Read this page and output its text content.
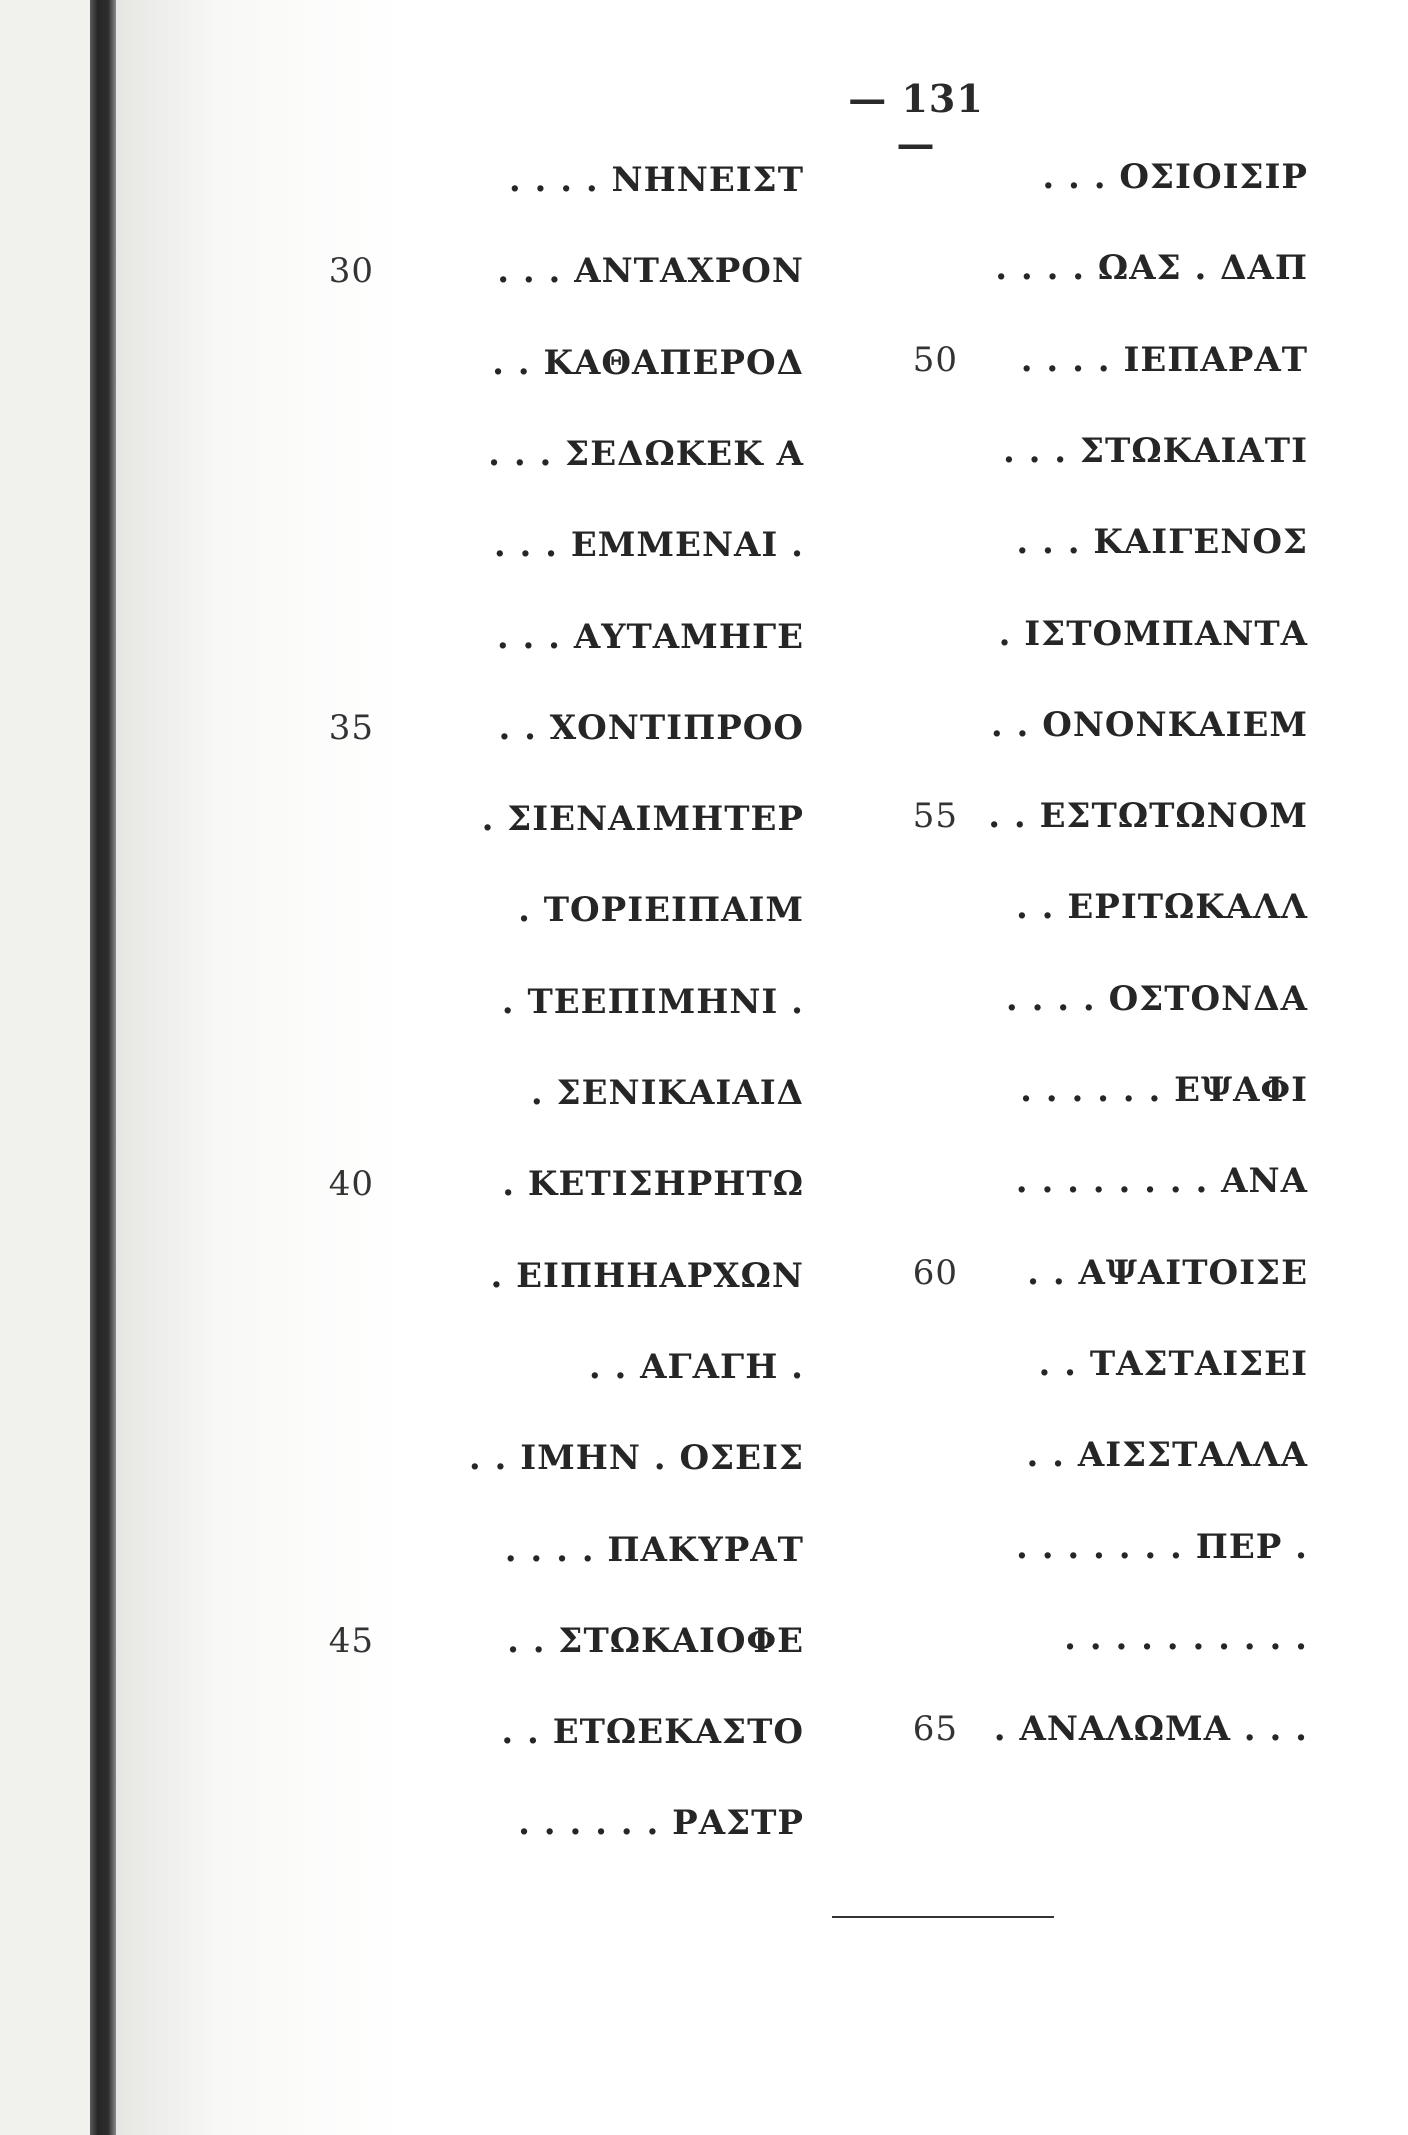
— 131 —
. . . . ΝΗΝΕΙΣΤ
30	. . . ΑΝΤΑΧΡΟΝ
. . ΚΑΘΑΠΕΡΟΔ
. . . ΣΕΔΩΚΕΚ Α
. . . ΕΜΜΕΝΑΙ .
. . . ΑΥΤΑΜΗΓΕ
35	. . ΧΟΝΤΙΠΡΟΟ
. ΣΙΕΝΑΙΜΗΤΕΡ
. ΤΟΡΙΕΙΠΑΙΜ
. ΤΕΕΠΙΜΗΝΙ .
. ΣΕΝΙΚΑΙΑΙΔ
40	. ΚΕΤΙΣΗΡΗΤΩ
. ΕΙΠΗΗΑΡΧΩΝ
. . ΑΓΑΓΗ .
. . ΙΜΗΝ . ΟΣΕΙΣ
. . . . ΠΑΚΥΡΑΤ
45	. . ΣΤΩΚΑΙΟΦΕ
. . ΕΤΩΕΚΑΣΤΟ
. . . . . . ΡΑΣΤΡ
. . . ΟΣΙΟΙΣΙΡ
. . . . ΩΑΣ . ΔΑΠ
50 . . . . ΙΕΠΑΡΑΤ
. . . ΣΤΩΚΑΙΑΤΙ
. . . ΚΑΙΓΕΝΟΣ
. ΙΣΤΟΜΠΑΝΤΑ
. . ΟΝΟΝΚΑΙΕΜ
55 . . ΕΣΤΩΤΩΝΟΜ
. . ΕΡΙΤΩΚΑΛΛ
. . . . ΟΣΤΟΝΔΑ
. . . . . . ΕΨΑΦΙ
. . . . . . . . ΑΝΑ
60 . . ΑΨΑΙΤΟΙΣΕ
. . ΤΑΣΤΑΙΣΕΙ
. . ΑΙΣΣΤΑΛΛΑ
. . . . . . . ΠΕΡ .
. . . . . . . . . .
65 . ΑΝΑΛΩΜΑ . . .
